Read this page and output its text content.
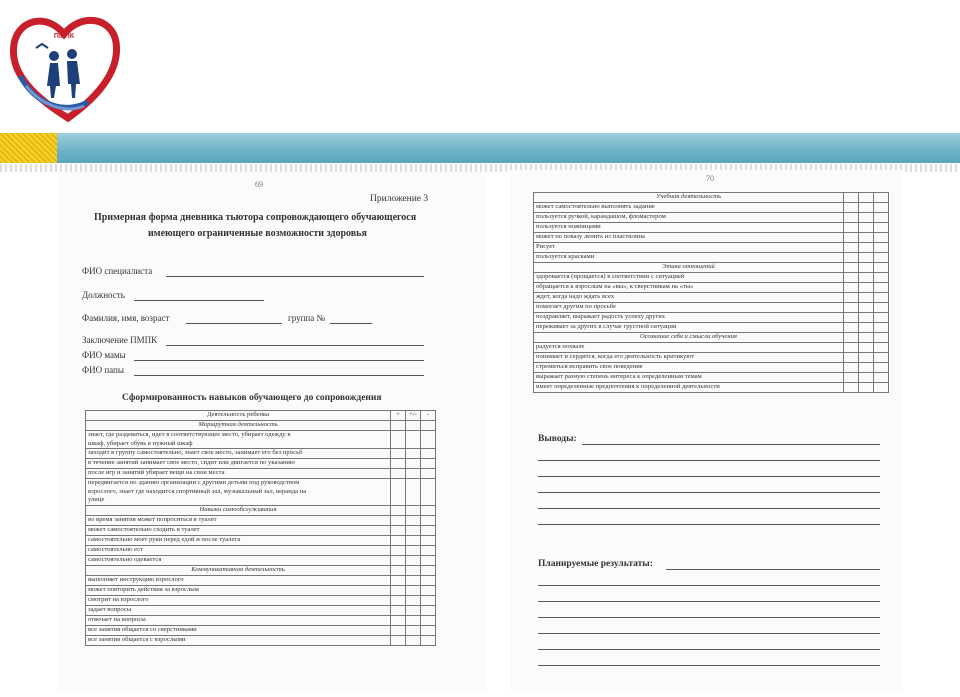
ПМПК
69
Приложение 3
Примерная форма дневника тьютора сопровождающего обучающегося
имеющего ограниченные возможности здоровья
ФИО специалиста
Должность
Фамилия, имя, возраст	группа №
Заключение ПМПК
ФИО мамы
ФИО папы
Сформированность навыков обучающего до сопровождения
Деятельность ребенка	+	+/-	-
Маршрутная деятельность			

знает, где раздеваться, идет в соответствующее место, убирает одежду в
шкаф, убирает обувь в нужный шкаф			

заходит в группу самостоятельно, знает свое место, занимает его без просьб			

в течение занятий занимает свое место, сидит или двигается по указанию			

после игр и занятий убирает вещи на свои места			

передвигается по зданию организации с другими детьми под руководством
взрослого, знает где находится спортивный зал, музыкальный зал, веранда на
улице			

Навыки самообслуживания			

во время занятия может попроситься в туалет			

может самостоятельно сходить в туалет			

самостоятельно моет руки перед едой и после туалета			

самостоятельно ест			

самостоятельно одевается			

Коммуникативная деятельность			

выполняет инструкцию взрослого			

может повторить действия за взрослым			

смотрит на взрослого			

задает вопросы			

отвечает на вопросы			

все занятия общается со сверстниками			

все занятия общается с взрослыми			

70
Учебная деятельность			

может самостоятельно выполнять задание			

пользуется ручкой, карандашом, фломастером			

пользуется ножницами			

может по показу лепить из пластилина			

Рисует			

пользуется красками			

Этика отношений			

здоровается (прощается) в соответствии с ситуацией			

обращается к взрослым на «вы», к сверстникам на «ты»			

ждет, когда надо ждать всех			

помогает другим по просьбе			

поздравляет, выражает радость успеху других			

переживает за других в случае грустной ситуации			

Осознание себя и смысла обучения			

радуется похвале			

понимает и сердится, когда его деятельность критикуют			

стремиться исправить свое поведение			

выражает разную степень интереса к определенным темам			

имеет определенные предпочтения к определенной деятельности			

Выводы:
Планируемые результаты:
